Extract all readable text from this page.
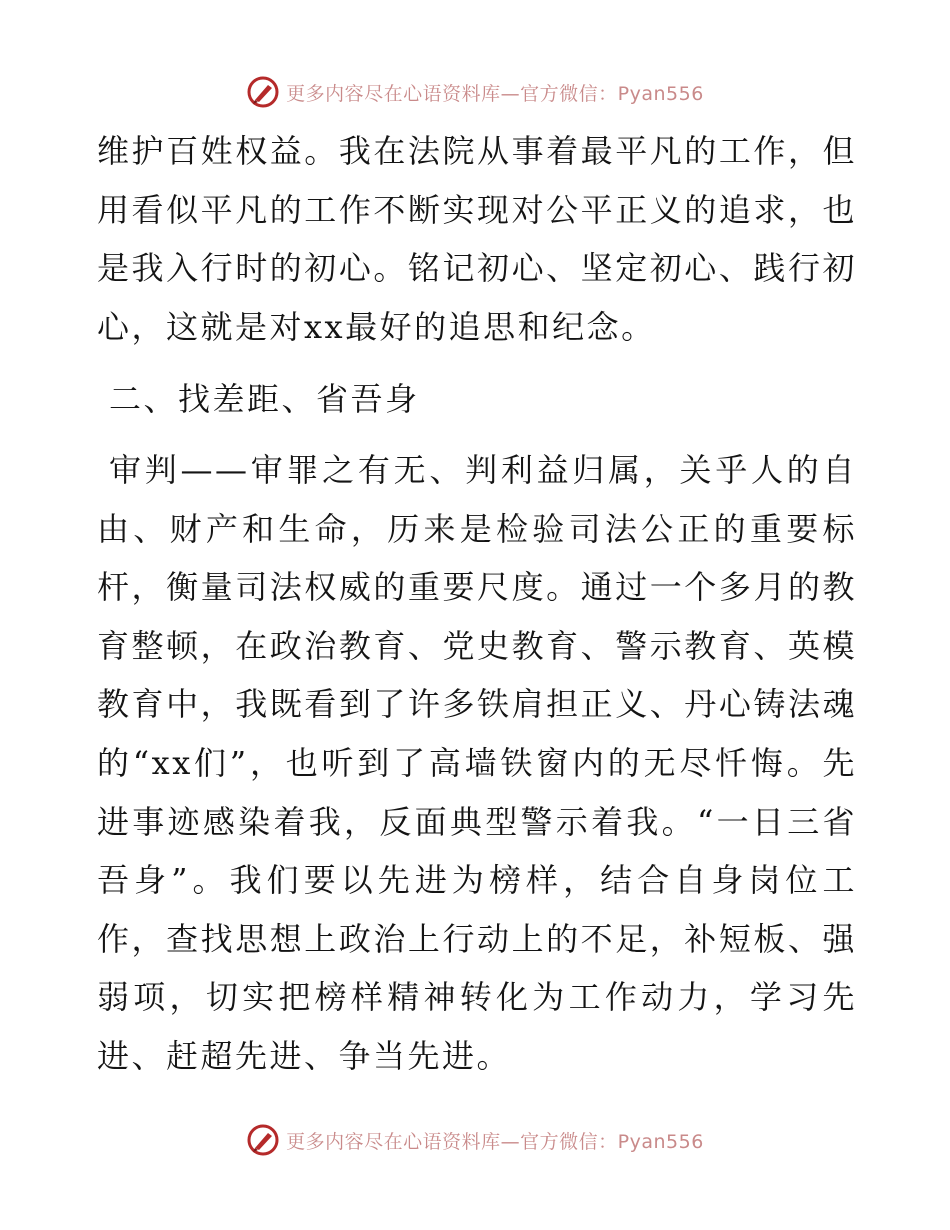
更多内容尽在心语资料库—官方微信：Pyan556

维护百姓权益。我在法院从事着最平凡的工作，但用看似平凡的工作不断实现对公平正义的追求，也是我入行时的初心。铭记初心、坚定初心、践行初心，这就是对xx最好的追思和纪念。

二、找差距、省吾身

审判——审罪之有无、判利益归属，关乎人的自由、财产和生命，历来是检验司法公正的重要标杆，衡量司法权威的重要尺度。通过一个多月的教育整顿，在政治教育、党史教育、警示教育、英模教育中，我既看到了许多铁肩担正义、丹心铸法魂的“xx们”，也听到了高墙铁窗内的无尽忏悔。先进事迹感染着我，反面典型警示着我。“一日三省吾身”。我们要以先进为榜样，结合自身岗位工作，查找思想上政治上行动上的不足，补短板、强弱项，切实把榜样精神转化为工作动力，学习先进、赶超先进、争当先进。

更多内容尽在心语资料库—官方微信：Pyan556
